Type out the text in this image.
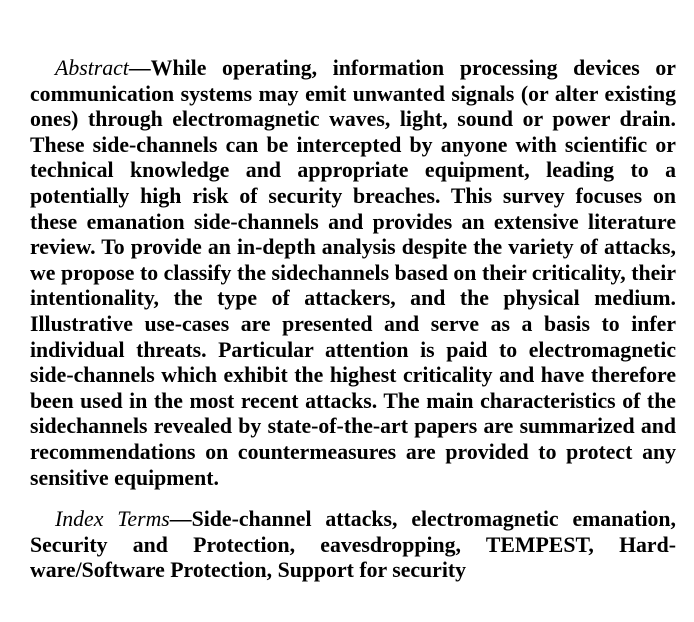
Abstract—While operating, information processing devices or communication systems may emit unwanted signals (or alter existing ones) through electromagnetic waves, light, sound or power drain. These side-channels can be intercepted by anyone with scientific or technical knowledge and appropriate equipment, leading to a potentially high risk of security breaches. This survey focuses on these emanation side-channels and provides an extensive literature review. To provide an in-depth analysis despite the variety of attacks, we propose to classify the sidechannels based on their criticality, their intentionality, the type of attackers, and the physical medium. Illustrative use-cases are presented and serve as a basis to infer individual threats. Particular attention is paid to electromagnetic side-channels which exhibit the highest criticality and have therefore been used in the most recent attacks. The main characteristics of the sidechannels revealed by state-of-the-art papers are summarized and recommendations on countermeasures are provided to protect any sensitive equipment.

Index Terms—Side-channel attacks, electromagnetic emanation, Security and Protection, eavesdropping, TEMPEST, Hardware/Software Protection, Support for security
